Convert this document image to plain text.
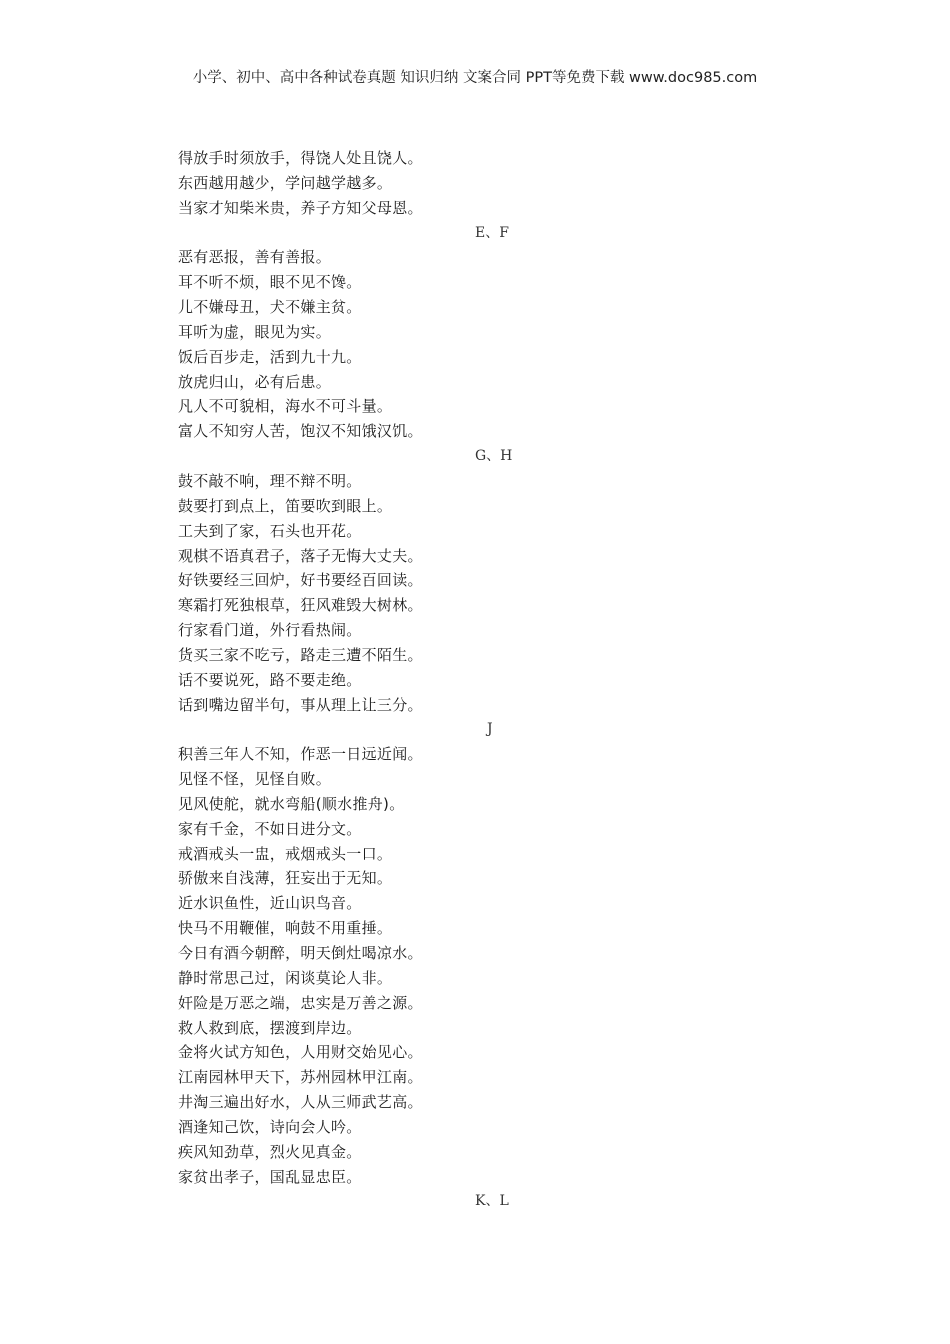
小学、初中、高中各种试卷真题 知识归纳 文案合同 PPT等免费下载 www.doc985.com
得放手时须放手，得饶人处且饶人。
东西越用越少，学问越学越多。
当家才知柴米贵，养子方知父母恩。
E、F
恶有恶报，善有善报。
耳不听不烦，眼不见不馋。
儿不嫌母丑，犬不嫌主贫。
耳听为虚，眼见为实。
饭后百步走，活到九十九。
放虎归山，必有后患。
凡人不可貌相，海水不可斗量。
富人不知穷人苦，饱汉不知饿汉饥。
G、H
鼓不敲不响，理不辩不明。
鼓要打到点上，笛要吹到眼上。
工夫到了家，石头也开花。
观棋不语真君子，落子无悔大丈夫。
好铁要经三回炉，好书要经百回读。
寒霜打死独根草，狂风难毁大树林。
行家看门道，外行看热闹。
货买三家不吃亏，路走三遭不陌生。
话不要说死，路不要走绝。
话到嘴边留半句，事从理上让三分。
J
积善三年人不知，作恶一日远近闻。
见怪不怪，见怪自败。
见风使舵，就水弯船(顺水推舟)。
家有千金，不如日进分文。
戒酒戒头一盅，戒烟戒头一口。
骄傲来自浅薄，狂妄出于无知。
近水识鱼性，近山识鸟音。
快马不用鞭催，响鼓不用重捶。
今日有酒今朝醉，明天倒灶喝凉水。
静时常思己过，闲谈莫论人非。
奸险是万恶之端，忠实是万善之源。
救人救到底，摆渡到岸边。
金将火试方知色，人用财交始见心。
江南园林甲天下，苏州园林甲江南。
井淘三遍出好水，人从三师武艺高。
酒逢知己饮，诗向会人吟。
疾风知劲草，烈火见真金。
家贫出孝子，国乱显忠臣。
K、L
